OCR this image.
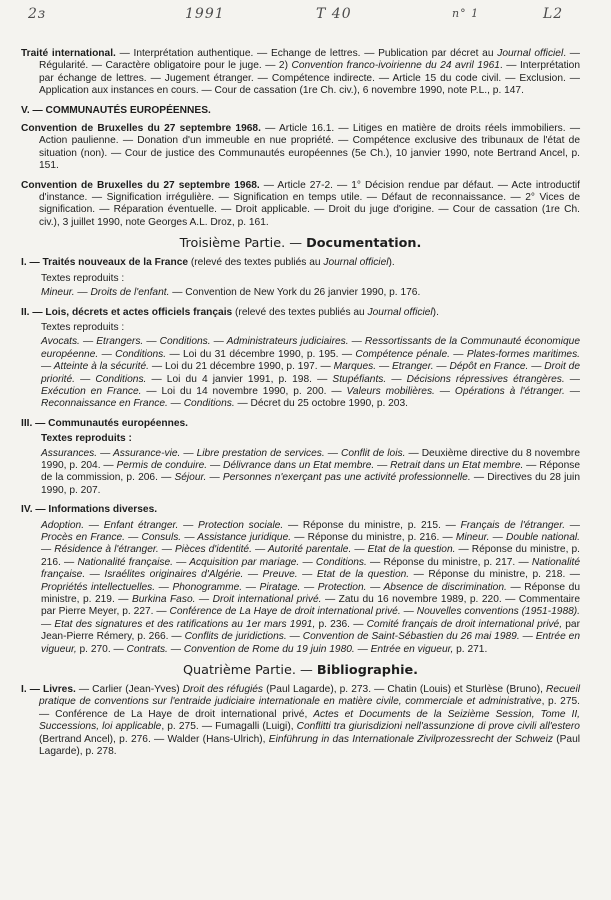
2ɜ	1991	T 40	n° 1	L2

Traité international. — Interprétation authentique. — Echange de lettres. — Publication par décret au Journal officiel. — Régularité. — Caractère obligatoire pour le juge. — 2) Convention franco-ivoirienne du 24 avril 1961. — Interprétation par échange de lettres. — Jugement étranger. — Compétence indirecte. — Article 15 du code civil. — Exclusion. — Application aux instances en cours. — Cour de cassation (1re Ch. civ.), 6 novembre 1990, note P.L., p. 147.

V. — COMMUNAUTÉS EUROPÉENNES.

Convention de Bruxelles du 27 septembre 1968. — Article 16.1. — Litiges en matière de droits réels immobiliers. — Action paulienne. — Donation d'un immeuble en nue propriété. — Compétence exclusive des tribunaux de l'état de situation (non). — Cour de justice des Communautés européennes (5e Ch.), 10 janvier 1990, note Bertrand Ancel, p. 151.

Convention de Bruxelles du 27 septembre 1968. — Article 27-2. — 1° Décision rendue par défaut. — Acte introductif d'instance. — Signification irrégulière. — Signification en temps utile. — Défaut de reconnaissance. — 2° Vices de signification. — Réparation éventuelle. — Droit applicable. — Droit du juge d'origine. — Cour de cassation (1re Ch. civ.), 3 juillet 1990, note Georges A.L. Droz, p. 161.

Troisième Partie. — Documentation.
I. — Traités nouveaux de la France (relevé des textes publiés au Journal officiel).
Textes reproduits :
Mineur. — Droits de l'enfant. — Convention de New York du 26 janvier 1990, p. 176.
II. — Lois, décrets et actes officiels français (relevé des textes publiés au Journal officiel).
Textes reproduits :
Avocats. — Etrangers. — Conditions. — Administrateurs judiciaires. — Ressortissants de la Communauté économique européenne. — Conditions. — Loi du 31 décembre 1990, p. 195. — Compétence pénale. — Plates-formes maritimes. — Atteinte à la sécurité. — Loi du 21 décembre 1990, p. 197. — Marques. — Etranger. — Dépôt en France. — Droit de priorité. — Conditions. — Loi du 4 janvier 1991, p. 198. — Stupéfiants. — Décisions répressives étrangères. — Exécution en France. — Loi du 14 novembre 1990, p. 200. — Valeurs mobilières. — Opérations à l'étranger. — Reconnaissance en France. — Conditions. — Décret du 25 octobre 1990, p. 203.
III. — Communautés européennes.
Textes reproduits :
Assurances. — Assurance-vie. — Libre prestation de services. — Conflit de lois. — Deuxième directive du 8 novembre 1990, p. 204. — Permis de conduire. — Délivrance dans un Etat membre. — Retrait dans un Etat membre. — Réponse de la commission, p. 206. — Séjour. — Personnes n'exerçant pas une activité professionnelle. — Directives du 28 juin 1990, p. 207.
IV. — Informations diverses.
Adoption. — Enfant étranger. — Protection sociale. — Réponse du ministre, p. 215. — Français de l'étranger. — Procès en France. — Consuls. — Assistance juridique. — Réponse du ministre, p. 216. — Mineur. — Double national. — Résidence à l'étranger. — Pièces d'identité. — Autorité parentale. — Etat de la question. — Réponse du ministre, p. 216. — Nationalité française. — Acquisition par mariage. — Conditions. — Réponse du ministre, p. 217. — Nationalité française. — Israélites originaires d'Algérie. — Preuve. — Etat de la question. — Réponse du ministre, p. 218. — Propriétés intellectuelles. — Phonogramme. — Piratage. — Protection. — Absence de discrimination. — Réponse du ministre, p. 219. — Burkina Faso. — Droit international privé. — Zatu du 16 novembre 1989, p. 220. — Commentaire par Pierre Meyer, p. 227. — Conférence de La Haye de droit international privé. — Nouvelles conventions (1951-1988). — Etat des signatures et des ratifications au 1er mars 1991, p. 236. — Comité français de droit international privé, par Jean-Pierre Rémery, p. 266. — Conflits de juridictions. — Convention de Saint-Sébastien du 26 mai 1989. — Entrée en vigueur, p. 270. — Contrats. — Convention de Rome du 19 juin 1980. — Entrée en vigueur, p. 271.
Quatrième Partie. — Bibliographie.

I. — Livres. — Carlier (Jean-Yves) Droit des réfugiés (Paul Lagarde), p. 273. — Chatin (Louis) et Sturlèse (Bruno), Recueil pratique de conventions sur l'entraide judiciaire internationale en matière civile, commerciale et administrative, p. 275. — Conférence de La Haye de droit international privé, Actes et Documents de la Seizième Session, Tome II, Successions, loi applicable, p. 275. — Fumagalli (Luigi), Conflitti tra giurisdizioni nell'assunzione di prove civili all'estero (Bertrand Ancel), p. 276. — Walder (Hans-Ulrich), Einführung in das Internationale Zivilprozessrecht der Schweiz (Paul Lagarde), p. 278.
